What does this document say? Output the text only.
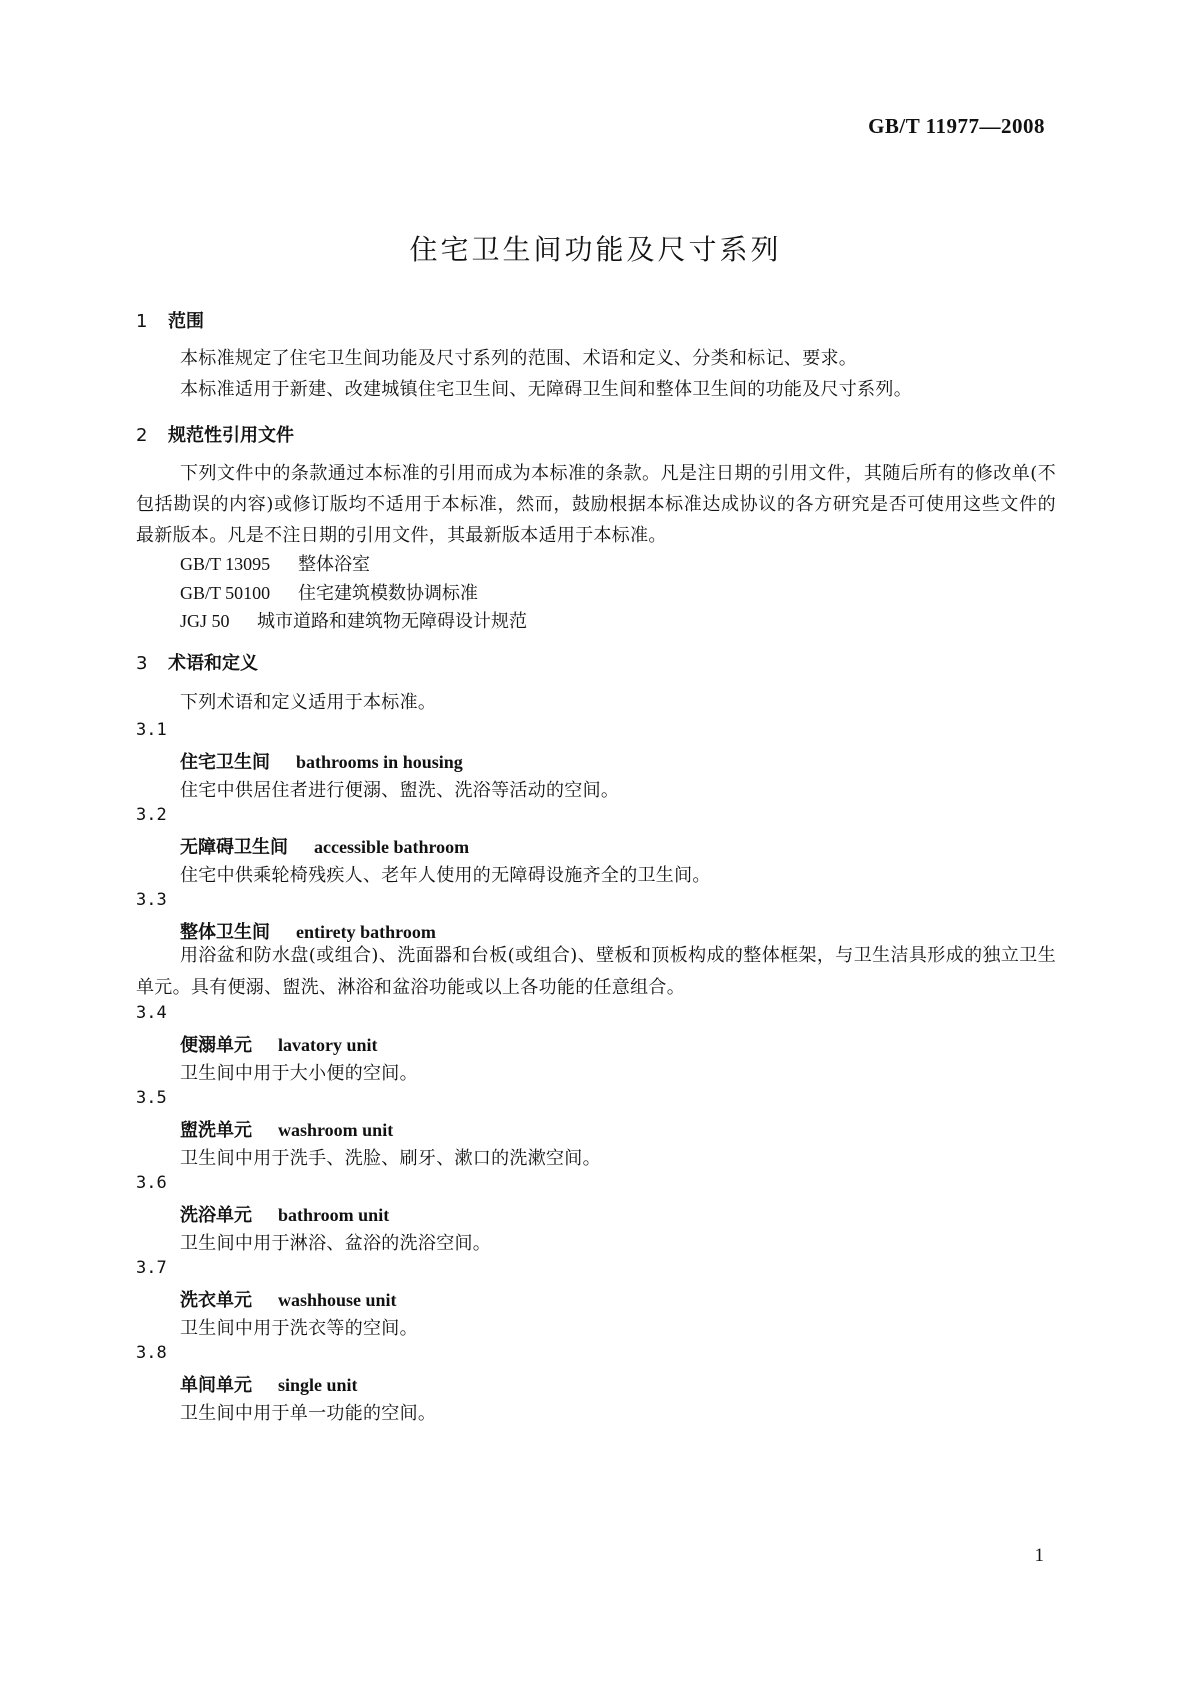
GB/T 11977—2008
住宅卫生间功能及尺寸系列
1 范围
本标准规定了住宅卫生间功能及尺寸系列的范围、术语和定义、分类和标记、要求。
本标准适用于新建、改建城镇住宅卫生间、无障碍卫生间和整体卫生间的功能及尺寸系列。
2 规范性引用文件
下列文件中的条款通过本标准的引用而成为本标准的条款。凡是注日期的引用文件，其随后所有的修改单(不包括勘误的内容)或修订版均不适用于本标准，然而，鼓励根据本标准达成协议的各方研究是否可使用这些文件的最新版本。凡是不注日期的引用文件，其最新版本适用于本标准。
GB/T 13095 整体浴室
GB/T 50100 住宅建筑模数协调标准
JGJ 50 城市道路和建筑物无障碍设计规范
3 术语和定义
下列术语和定义适用于本标准。
3.1
住宅卫生间 bathrooms in housing
住宅中供居住者进行便溺、盥洗、洗浴等活动的空间。
3.2
无障碍卫生间 accessible bathroom
住宅中供乘轮椅残疾人、老年人使用的无障碍设施齐全的卫生间。
3.3
整体卫生间 entirety bathroom
用浴盆和防水盘(或组合)、洗面器和台板(或组合)、壁板和顶板构成的整体框架，与卫生洁具形成的独立卫生单元。具有便溺、盥洗、淋浴和盆浴功能或以上各功能的任意组合。
3.4
便溺单元 lavatory unit
卫生间中用于大小便的空间。
3.5
盥洗单元 washroom unit
卫生间中用于洗手、洗脸、刷牙、漱口的洗漱空间。
3.6
洗浴单元 bathroom unit
卫生间中用于淋浴、盆浴的洗浴空间。
3.7
洗衣单元 washhouse unit
卫生间中用于洗衣等的空间。
3.8
单间单元 single unit
卫生间中用于单一功能的空间。
1
